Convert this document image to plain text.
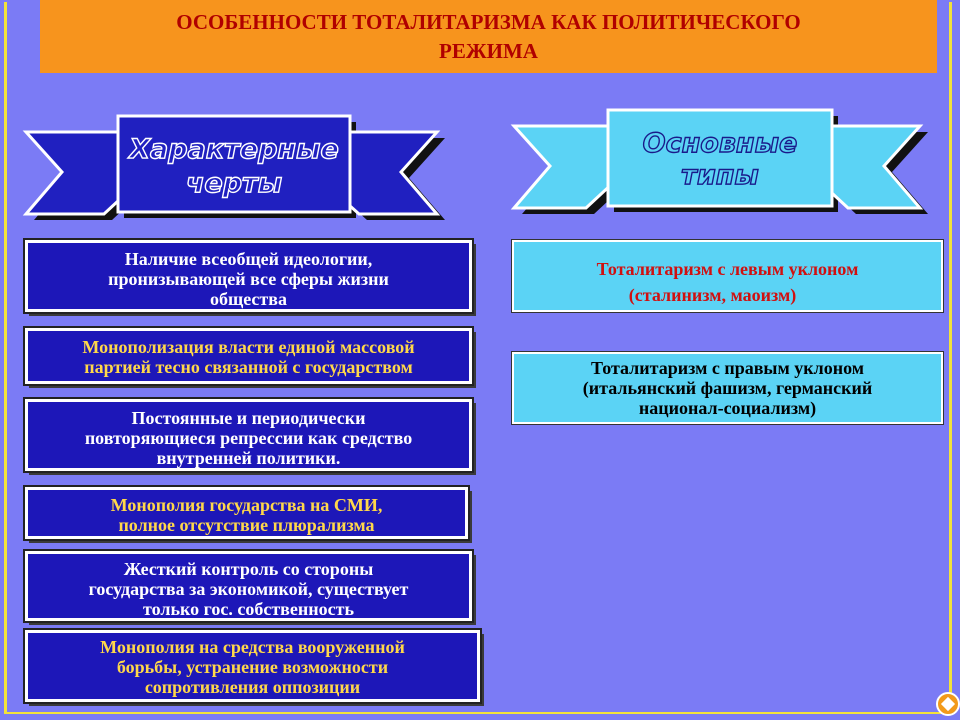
ОСОБЕННОСТИ ТОТАЛИТАРИЗМА КАК ПОЛИТИЧЕСКОГО
РЕЖИМА
Характерные
черты
Основные
типы
Наличие всеобщей идеологии,
пронизывающей все сферы жизни
общества
Монополизация власти единой массовой
партией тесно связанной с государством
Постоянные и периодически
повторяющиеся репрессии как средство
внутренней политики.
Монополия государства на СМИ,
полное отсутствие плюрализма
Жесткий контроль со стороны
государства за экономикой, существует
только гос. собственность
Монополия на средства вооруженной
борьбы, устранение возможности
сопротивления оппозиции
Тоталитаризм с левым уклоном
(сталинизм, маоизм)
Тоталитаризм с правым уклоном
(итальянский фашизм, германский
национал-социализм)
